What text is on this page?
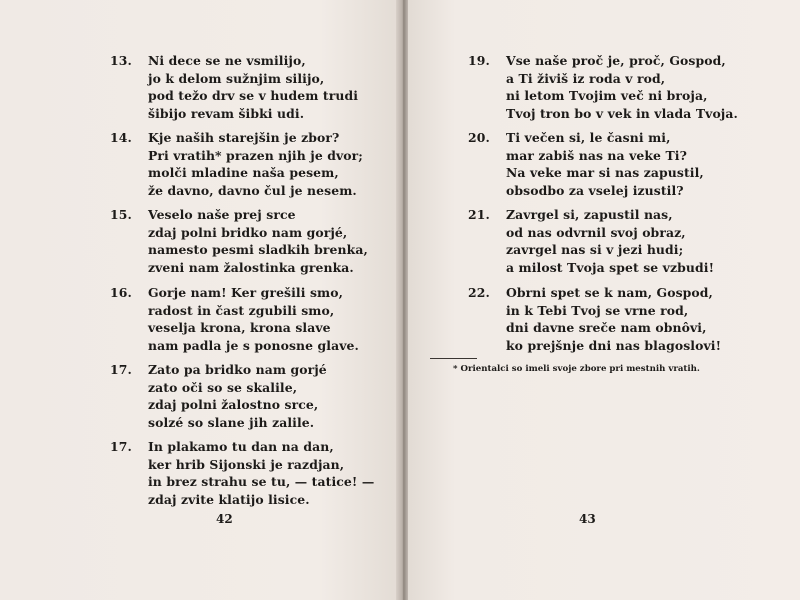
13. Ni dece se ne vsmilijo,
jo k delom sužnjim silijo,
pod težo drv se v hudem trudi
šibijo revam šibki udi.
14. Kje naših starejšin je zbor?
Pri vratih* prazen njih je dvor;
molči mladine naša pesem,
že davno, davno čul je nesem.
15. Veselo naše prej srce
zdaj polni bridko nam gorjé,
namesto pesmi sladkih brenka,
zveni nam žalostinka grenka.
16. Gorje nam! Ker grešili smo,
radost in čast zgubili smo,
veselja krona, krona slave
nam padla je s ponosne glave.
17. Zato pa bridko nam gorjé
zato oči so se skalile,
zdaj polni žalostno srce,
solzé so slane jih zalile.
17. In plakamo tu dan na dan,
ker hrib Sijonski je razdjan,
in brez strahu se tu, — tatice! —
zdaj zvite klatijo lisice.
42
19. Vse naše proč je, proč, Gospod,
a Ti živiš iz roda v rod,
ni letom Tvojim več ni broja,
Tvoj tron bo v vek in vlada Tvoja.
20. Ti večen si, le časni mi,
mar zabiš nas na veke Ti?
Na veke mar si nas zapustil,
obsodbo za vselej izustil?
21. Zavrgel si, zapustil nas,
od nas odvrnil svoj obraz,
zavrgel nas si v jezi hudi;
a milost Tvoja spet se vzbudi!
22. Obrni spet se k nam, Gospod,
in k Tebi Tvoj se vrne rod,
dni davne sreče nam obnôvi,
ko prejšnje dni nas blagoslovi!
* Orientalci so imeli svoje zbore pri mestnih vratih.
43
